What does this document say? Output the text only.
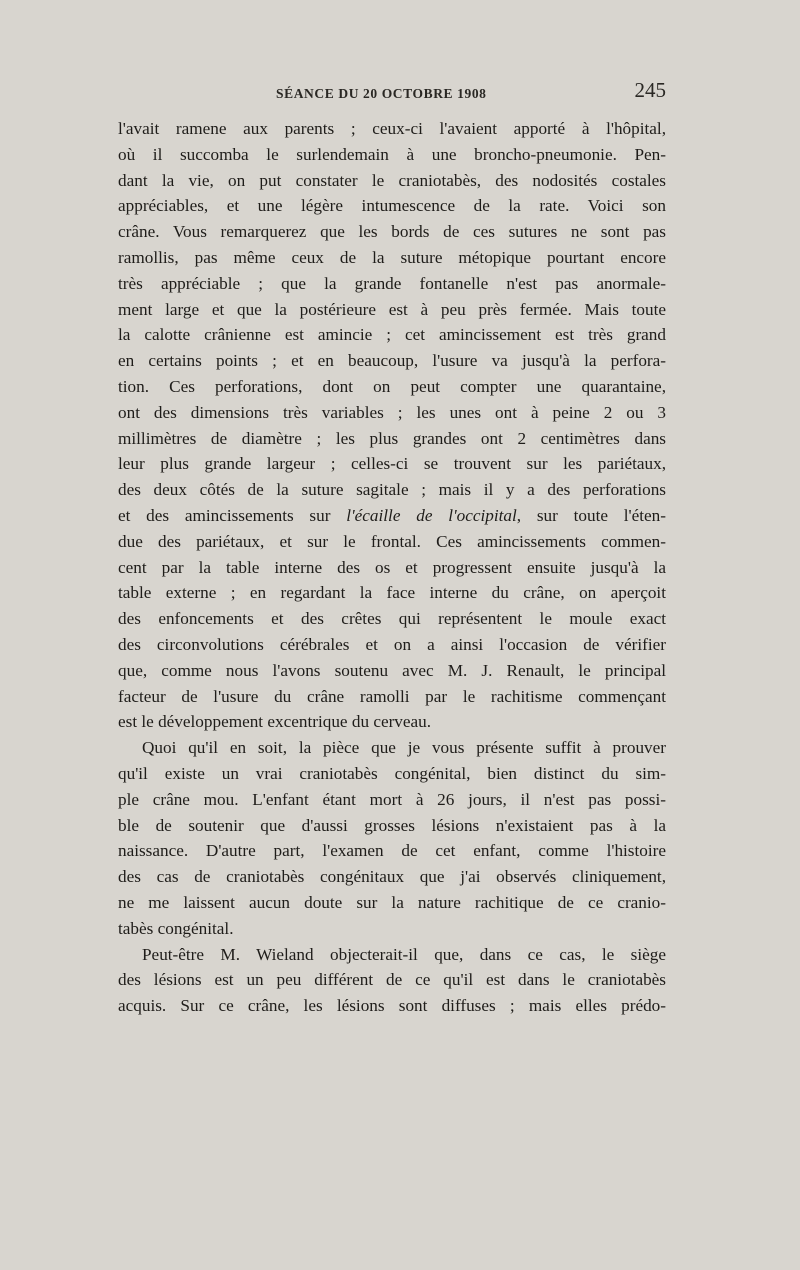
SÉANCE DU 20 OCTOBRE 1908	245
l'avait ramene aux parents ; ceux-ci l'avaient apporté à l'hôpital,
où il succomba le surlendemain à une broncho-pneumonie. Pen-
dant la vie, on put constater le craniotabès, des nodosités costales
appréciables, et une légère intumescence de la rate. Voici son
crâne. Vous remarquerez que les bords de ces sutures ne sont pas
ramollis, pas même ceux de la suture métopique pourtant encore
très appréciable ; que la grande fontanelle n'est pas anormale-
ment large et que la postérieure est à peu près fermée. Mais toute
la calotte crânienne est amincie ; cet amincissement est très grand
en certains points ; et en beaucoup, l'usure va jusqu'à la perfora-
tion. Ces perforations, dont on peut compter une quarantaine,
ont des dimensions très variables ; les unes ont à peine 2 ou 3
millimètres de diamètre ; les plus grandes ont 2 centimètres dans
leur plus grande largeur ; celles-ci se trouvent sur les pariétaux,
des deux côtés de la suture sagitale ; mais il y a des perforations
et des amincissements sur l'écaille de l'occipital, sur toute l'éten-
due des pariétaux, et sur le frontal. Ces amincissements commen-
cent par la table interne des os et progressent ensuite jusqu'à la
table externe ; en regardant la face interne du crâne, on aperçoit
des enfoncements et des crêtes qui représentent le moule exact
des circonvolutions cérébrales et on a ainsi l'occasion de vérifier
que, comme nous l'avons soutenu avec M. J. Renault, le principal
facteur de l'usure du crâne ramolli par le rachitisme commençant
est le développement excentrique du cerveau.
Quoi qu'il en soit, la pièce que je vous présente suffit à prouver
qu'il existe un vrai craniotabès congénital, bien distinct du sim-
ple crâne mou. L'enfant étant mort à 26 jours, il n'est pas possi-
ble de soutenir que d'aussi grosses lésions n'existaient pas à la
naissance. D'autre part, l'examen de cet enfant, comme l'histoire
des cas de craniotabès congénitaux que j'ai observés cliniquement,
ne me laissent aucun doute sur la nature rachitique de ce cranio-
tabès congénital.
Peut-être M. Wieland objecterait-il que, dans ce cas, le siège
des lésions est un peu différent de ce qu'il est dans le craniotabès
acquis. Sur ce crâne, les lésions sont diffuses ; mais elles prédo-
